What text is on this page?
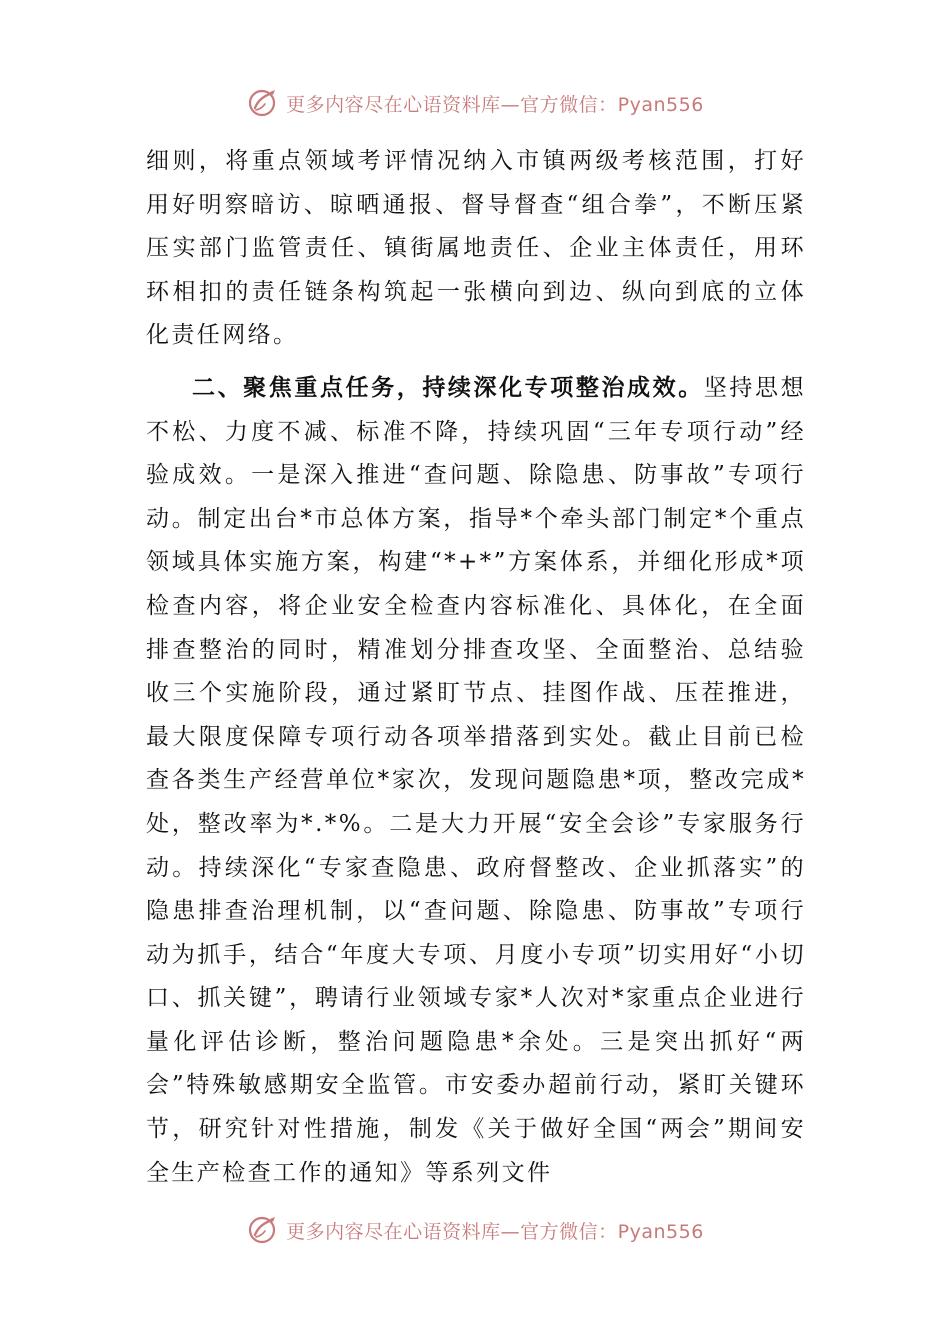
更多内容尽在心语资料库—官方微信：Pyan556

细则，将重点领域考评情况纳入市镇两级考核范围，打好用好明察暗访、晾晒通报、督导督查“组合拳”，不断压紧压实部门监管责任、镇街属地责任、企业主体责任，用环环相扣的责任链条构筑起一张横向到边、纵向到底的立体化责任网络。

二、聚焦重点任务，持续深化专项整治成效。坚持思想不松、力度不减、标准不降，持续巩固“三年专项行动”经验成效。一是深入推进“查问题、除隐患、防事故”专项行动。制定出台*市总体方案，指导*个牵头部门制定*个重点领域具体实施方案，构建“*+*”方案体系，并细化形成*项检查内容，将企业安全检查内容标准化、具体化，在全面排查整治的同时，精准划分排查攻坚、全面整治、总结验收三个实施阶段，通过紧盯节点、挂图作战、压茬推进，最大限度保障专项行动各项举措落到实处。截止目前已检查各类生产经营单位*家次，发现问题隐患*项，整改完成*处，整改率为*.*%。二是大力开展“安全会诊”专家服务行动。持续深化“专家查隐患、政府督整改、企业抓落实”的隐患排查治理机制，以“查问题、除隐患、防事故”专项行动为抓手，结合“年度大专项、月度小专项”切实用好“小切口、抓关键”，聘请行业领域专家*人次对*家重点企业进行量化评估诊断，整治问题隐患*余处。三是突出抓好“两会”特殊敏感期安全监管。市安委办超前行动，紧盯关键环节，研究针对性措施，制发《关于做好全国“两会”期间安全生产检查工作的通知》等系列文件

更多内容尽在心语资料库—官方微信：Pyan556
